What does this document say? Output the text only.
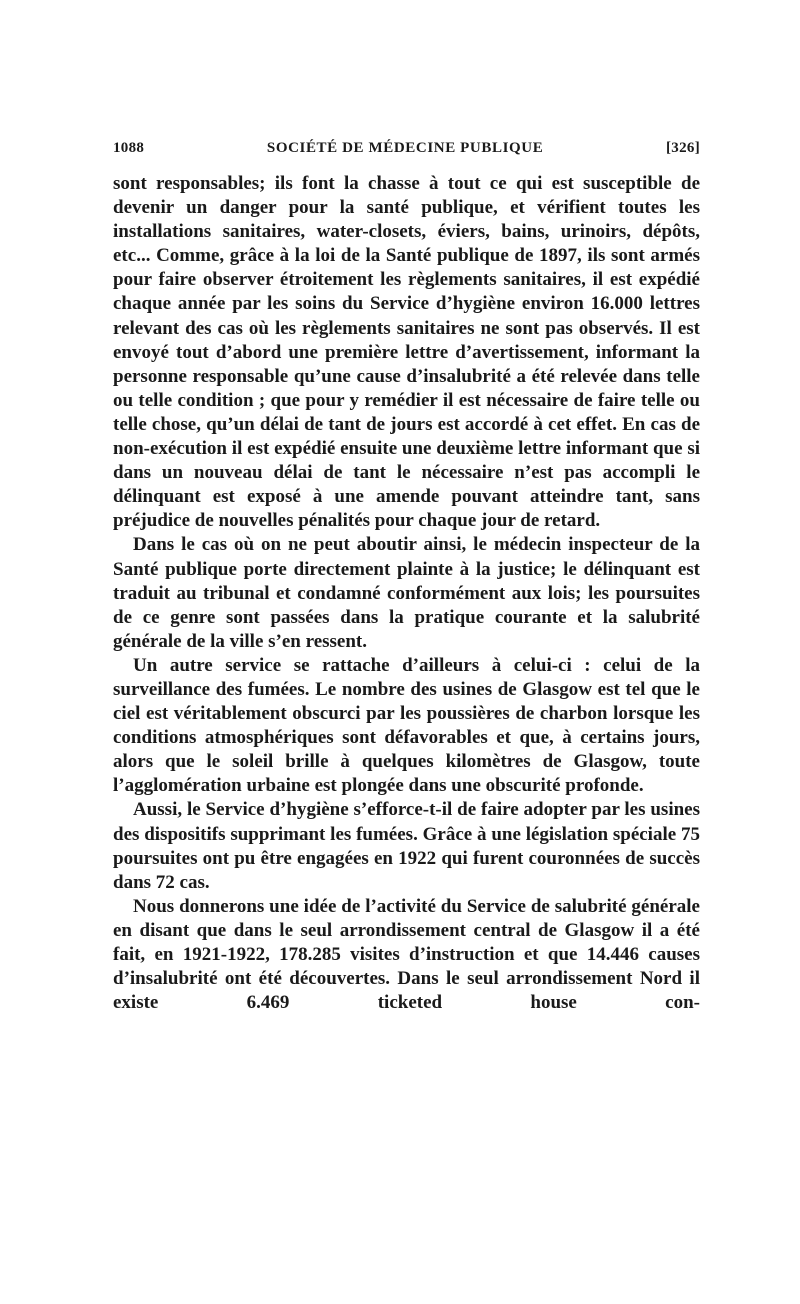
1088	SOCIÉTÉ DE MÉDECINE PUBLIQUE	[326]

sont responsables; ils font la chasse à tout ce qui est susceptible de devenir un danger pour la santé publique, et vérifient toutes les installations sanitaires, water-closets, éviers, bains, urinoirs, dépôts, etc... Comme, grâce à la loi de la Santé publique de 1897, ils sont armés pour faire observer étroitement les règlements sanitaires, il est expédié chaque année par les soins du Service d’hygiène environ 16.000 lettres relevant des cas où les règlements sanitaires ne sont pas observés. Il est envoyé tout d’abord une première lettre d’avertissement, informant la personne responsable qu’une cause d’insalubrité a été relevée dans telle ou telle condition ; que pour y remédier il est nécessaire de faire telle ou telle chose, qu’un délai de tant de jours est accordé à cet effet. En cas de non-exécution il est expédié ensuite une deuxième lettre informant que si dans un nouveau délai de tant le nécessaire n’est pas accompli le délinquant est exposé à une amende pouvant atteindre tant, sans préjudice de nouvelles pénalités pour chaque jour de retard.

Dans le cas où on ne peut aboutir ainsi, le médecin inspecteur de la Santé publique porte directement plainte à la justice; le délinquant est traduit au tribunal et condamné conformément aux lois; les poursuites de ce genre sont passées dans la pratique courante et la salubrité générale de la ville s’en ressent.

Un autre service se rattache d’ailleurs à celui-ci : celui de la surveillance des fumées. Le nombre des usines de Glasgow est tel que le ciel est véritablement obscurci par les poussières de charbon lorsque les conditions atmosphériques sont défavorables et que, à certains jours, alors que le soleil brille à quelques kilomètres de Glasgow, toute l’agglomération urbaine est plongée dans une obscurité profonde.

Aussi, le Service d’hygiène s’efforce-t-il de faire adopter par les usines des dispositifs supprimant les fumées. Grâce à une législation spéciale 75 poursuites ont pu être engagées en 1922 qui furent couronnées de succès dans 72 cas.

Nous donnerons une idée de l’activité du Service de salubrité générale en disant que dans le seul arrondissement central de Glasgow il a été fait, en 1921-1922, 178.285 visites d’instruction et que 14.446 causes d’insalubrité ont été découvertes. Dans le seul arrondissement Nord il existe 6.469 ticketed house con-
